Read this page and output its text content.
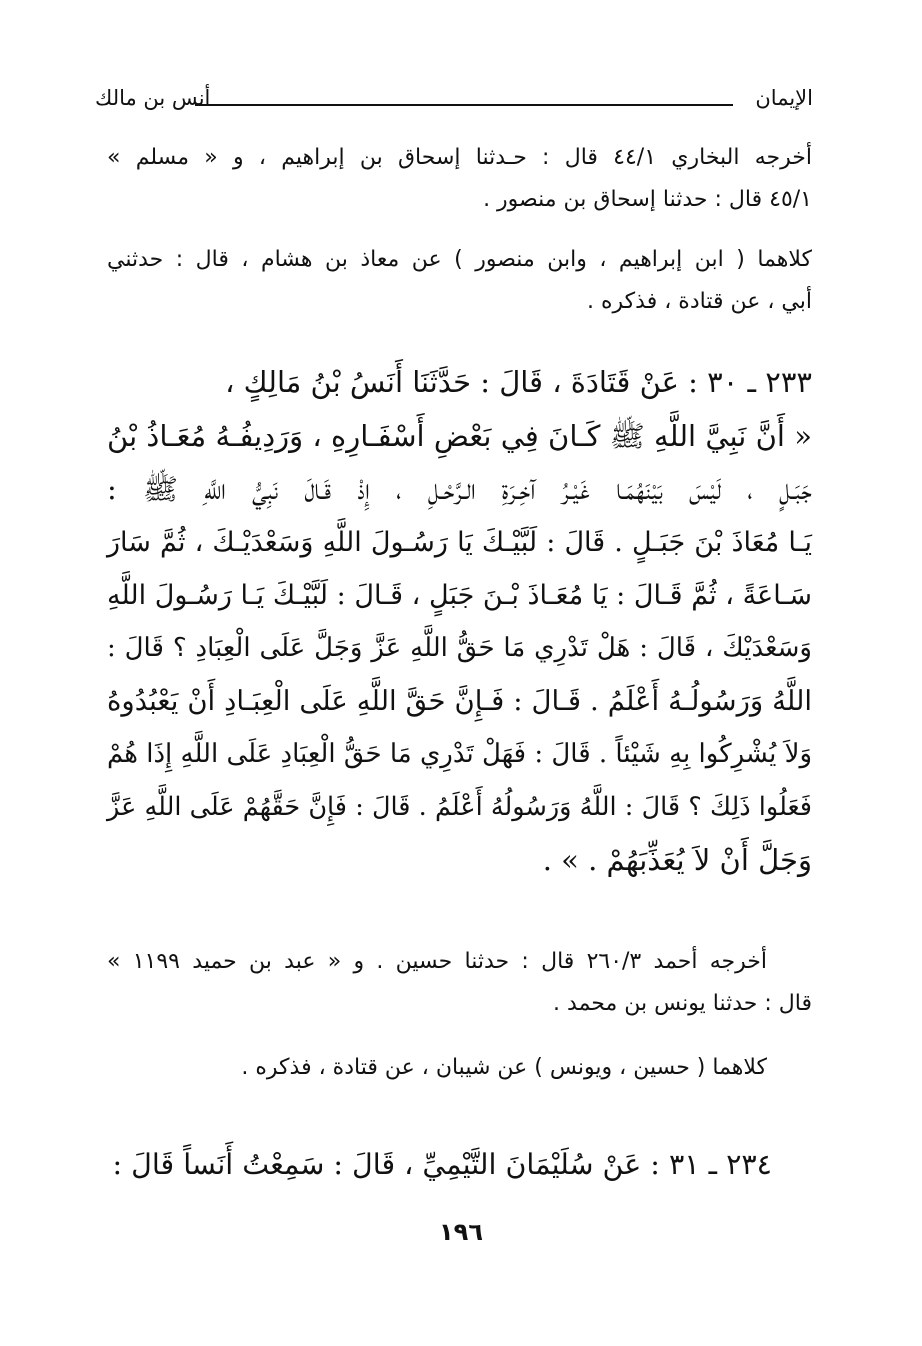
الإيمان
أنس بن مالك
أخرجه البخاري ٤٤/١ قال : حـدثنا إسحاق بن إبراهيم ، و « مسلم »
٤٥/١ قال : حدثنا إسحاق بن منصور .
كلاهما ( ابن إبراهيم ، وابن منصور ) عن معاذ بن هشام ، قال : حدثني
أبي ، عن قتادة ، فذكره .
٢٣٣ ـ ٣٠ : عَنْ قَتَادَةَ ، قَالَ : حَدَّثَنَا أَنَسُ بْنُ مَالِكٍ ،
« أَنَّ نَبِيَّ اللَّهِ ﷺ كَـانَ فِي بَعْضِ أَسْفَـارِهِ ، وَرَدِيفُـهُ مُعَـاذُ بْنُ
جَبَـلٍ ، لَيْسَ بَيْنَهُمَـا غَيْـرُ آخِـرَةِ الـرَّحْـلِ ، إِذْ قَـالَ نَبِيُّ اللَّهِ ﷺ :
يَـا مُعَاذَ بْنَ جَبَـلٍ . قَالَ : لَبَّيْـكَ يَا رَسُـولَ اللَّهِ وَسَعْدَيْـكَ ، ثُمَّ سَارَ
سَـاعَةً ، ثُمَّ قَـالَ : يَا مُعَـاذَ بْـنَ جَبَلٍ ، قَـالَ : لَبَّيْـكَ يَـا رَسُـولَ اللَّهِ
وَسَعْدَيْكَ ، قَالَ : هَلْ تَدْرِي مَا حَقُّ اللَّهِ عَزَّ وَجَلَّ عَلَى الْعِبَادِ ؟ قَالَ :
اللَّهُ وَرَسُولُـهُ أَعْلَمُ . قَـالَ : فَـإِنَّ حَقَّ اللَّهِ عَلَى الْعِبَـادِ أَنْ يَعْبُدُوهُ
وَلاَ يُشْرِكُوا بِهِ شَيْئاً . قَالَ : فَهَلْ تَدْرِي مَا حَقُّ الْعِبَادِ عَلَى اللَّهِ إِذَا هُمْ
فَعَلُوا ذَلِكَ ؟ قَالَ : اللَّهُ وَرَسُولُهُ أَعْلَمُ . قَالَ : فَإِنَّ حَقَّهُمْ عَلَى اللَّهِ عَزَّ
وَجَلَّ أَنْ لاَ يُعَذِّبَهُمْ . » .
أخرجه أحمد ٢٦٠/٣ قال : حدثنا حسين . و « عبد بن حميد ١١٩٩ »
قال : حدثنا يونس بن محمد .
كلاهما ( حسين ، ويونس ) عن شيبان ، عن قتادة ، فذكره .
٢٣٤ ـ ٣١ : عَنْ سُلَيْمَانَ التَّيْمِيِّ ، قَالَ : سَمِعْتُ أَنَساً قَالَ :
١٩٦
